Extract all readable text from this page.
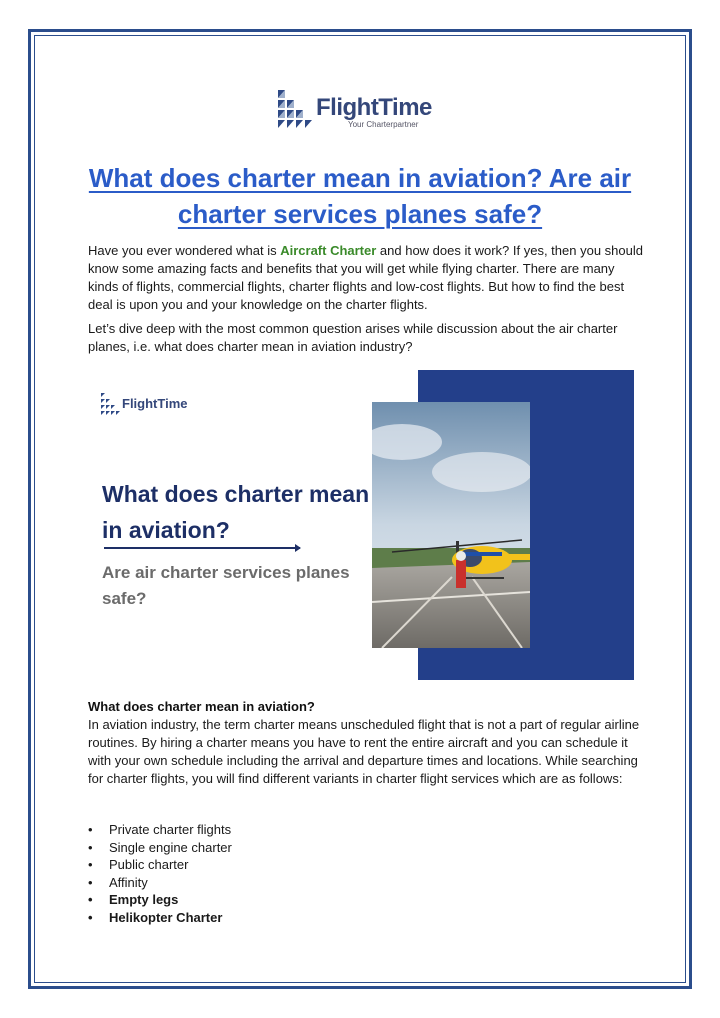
FlightTime
Your Charterpartner
What does charter mean in aviation? Are air charter services planes safe?

Have you ever wondered what is Aircraft Charter and how does it work? If yes, then you should know some amazing facts and benefits that you will get while flying charter. There are many kinds of flights, commercial flights, charter flights and low-cost flights. But how to find the best deal is upon you and your knowledge on the charter flights.

Let’s dive deep with the most common question arises while discussion about the air charter planes, i.e. what does charter mean in aviation industry?

FlightTime
What does charter mean in aviation?

Are air charter services planes safe?

What does charter mean in aviation?

In aviation industry, the term charter means unscheduled flight that is not a part of regular airline routines. By hiring a charter means you have to rent the entire aircraft and you can schedule it with your own schedule including the arrival and departure times and locations. While searching for charter flights, you will find different variants in charter flight services which are as follows:

• Private charter flights
• Single engine charter
• Public charter
• Affinity
• Empty legs
• Helikopter Charter
